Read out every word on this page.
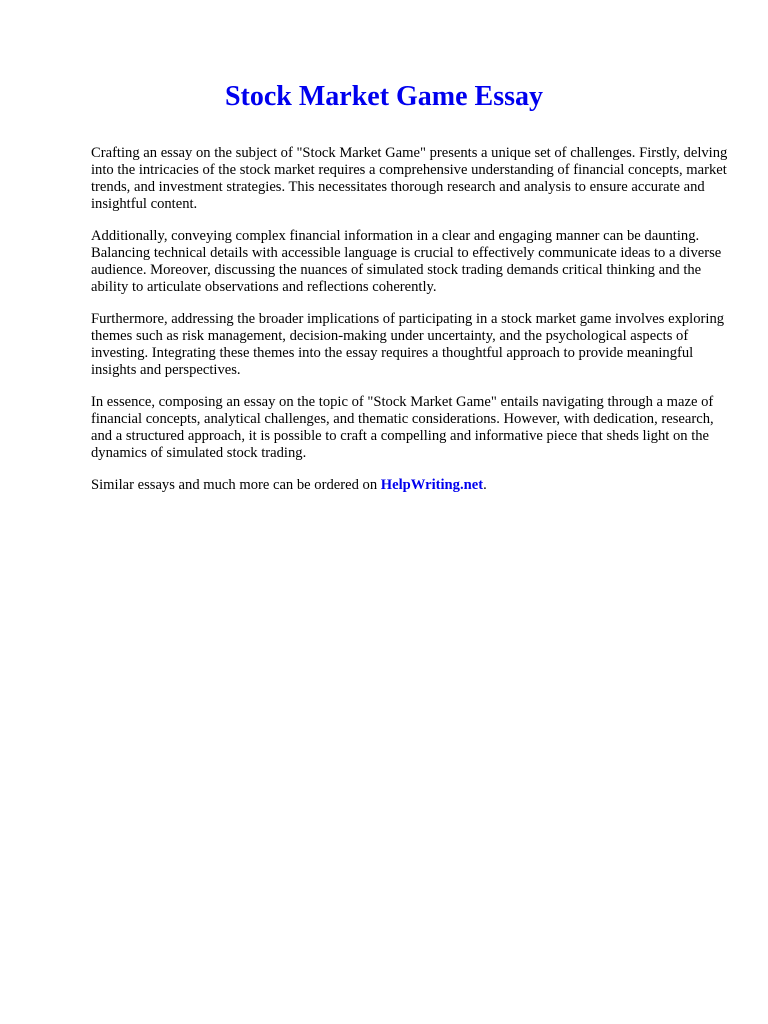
Stock Market Game Essay

Crafting an essay on the subject of "Stock Market Game" presents a unique set of challenges. Firstly, delving into the intricacies of the stock market requires a comprehensive understanding of financial concepts, market trends, and investment strategies. This necessitates thorough research and analysis to ensure accurate and insightful content.

Additionally, conveying complex financial information in a clear and engaging manner can be daunting. Balancing technical details with accessible language is crucial to effectively communicate ideas to a diverse audience. Moreover, discussing the nuances of simulated stock trading demands critical thinking and the ability to articulate observations and reflections coherently.

Furthermore, addressing the broader implications of participating in a stock market game involves exploring themes such as risk management, decision-making under uncertainty, and the psychological aspects of investing. Integrating these themes into the essay requires a thoughtful approach to provide meaningful insights and perspectives.

In essence, composing an essay on the topic of "Stock Market Game" entails navigating through a maze of financial concepts, analytical challenges, and thematic considerations. However, with dedication, research, and a structured approach, it is possible to craft a compelling and informative piece that sheds light on the dynamics of simulated stock trading.

Similar essays and much more can be ordered on HelpWriting.net.
